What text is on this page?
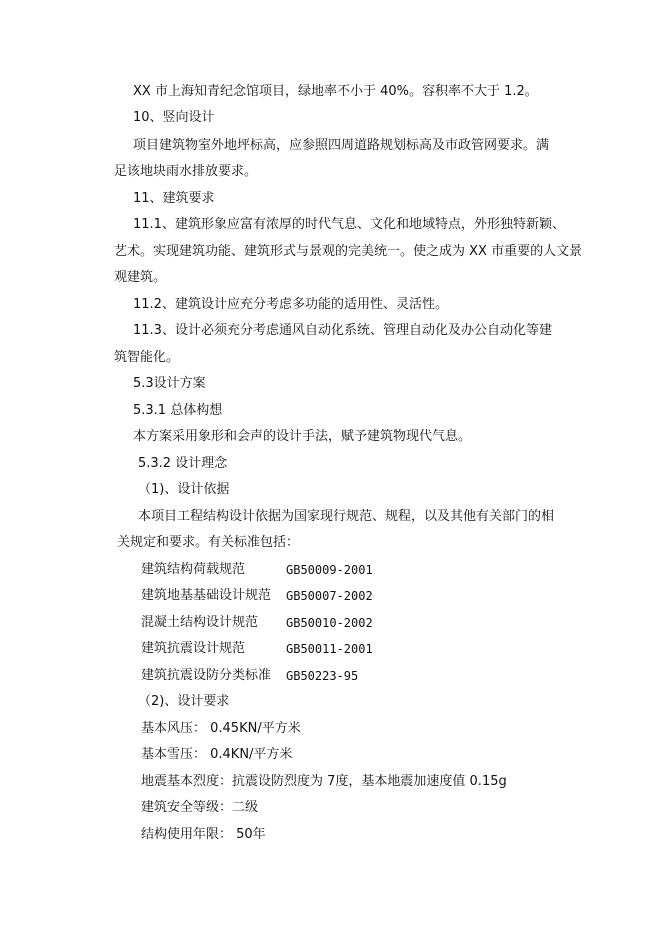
XX 市上海知青纪念馆项目，绿地率不小于 40%。容积率不大于 1.2。
10、竖向设计
项目建筑物室外地坪标高，应参照四周道路规划标高及市政管网要求。满
足该地块雨水排放要求。
11、建筑要求
11.1、建筑形象应富有浓厚的时代气息、文化和地域特点，外形独特新颖、
艺术。实现建筑功能、建筑形式与景观的完美统一。使之成为 XX 市重要的人文景
观建筑。
11.2、建筑设计应充分考虑多功能的适用性、灵活性。
11.3、设计必须充分考虑通风自动化系统、管理自动化及办公自动化等建
筑智能化。
5.3设计方案
5.3.1 总体构想
本方案采用象形和会声的设计手法，赋予建筑物现代气息。
5.3.2 设计理念
（1)、设计依据
本项目工程结构设计依据为国家现行规范、规程，以及其他有关部门的相
关规定和要求。有关标准包括：
建筑结构荷载规范	GB50009-2001
建筑地基基础设计规范 GB50007-2002
混凝土结构设计规范 GB50010-2002
建筑抗震设计规范	GB50011-2001
建筑抗震设防分类标准 GB50223-95
（2)、设计要求
基本风压： 0.45KN/平方米
基本雪压： 0.4KN/平方米
地震基本烈度：抗震设防烈度为 7度，基本地震加速度值 0.15g
建筑安全等级：二级
结构使用年限： 50年
